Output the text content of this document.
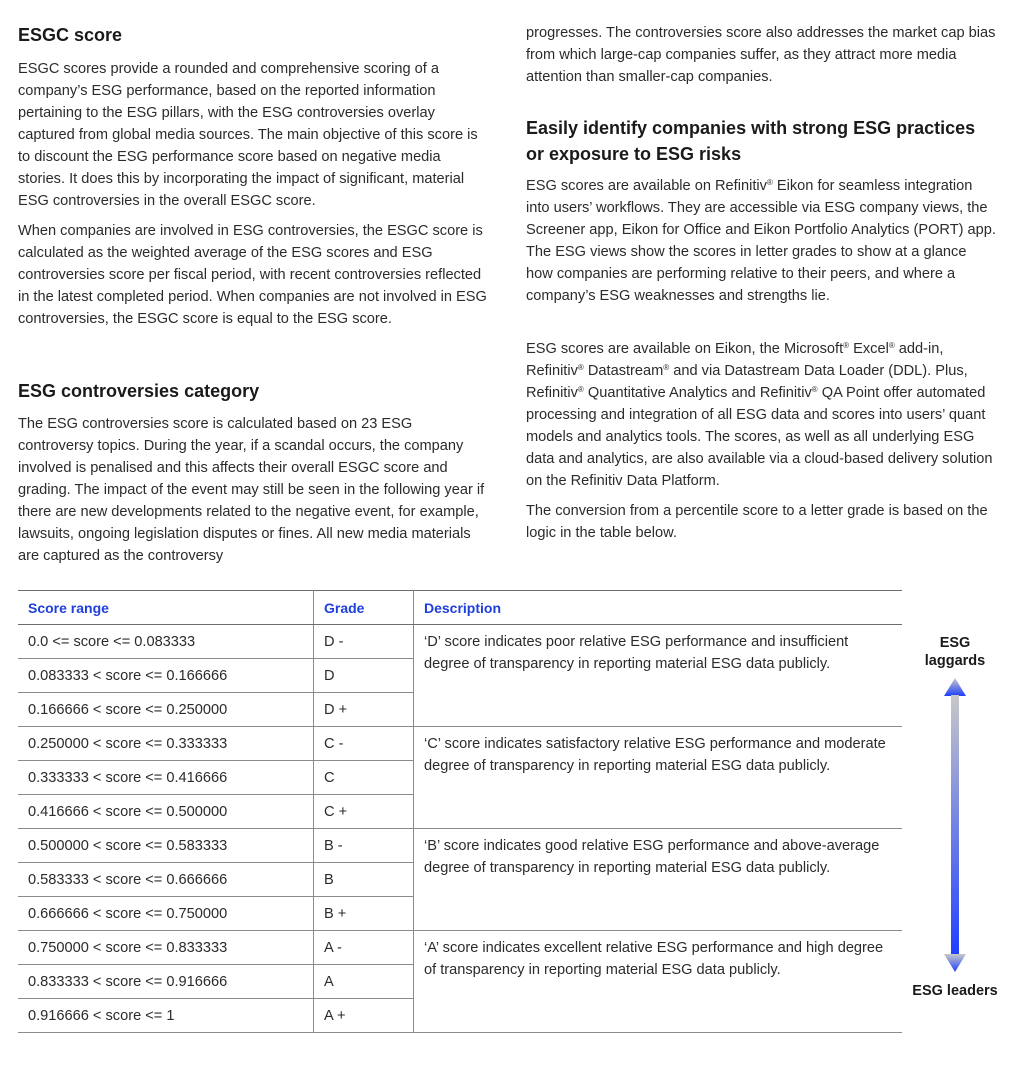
ESGC score

ESGC scores provide a rounded and comprehensive scoring of a company’s ESG performance, based on the reported information pertaining to the ESG pillars, with the ESG controversies overlay captured from global media sources. The main objective of this score is to discount the ESG performance score based on negative media stories. It does this by incorporating the impact of significant, material ESG controversies in the overall ESGC score.

When companies are involved in ESG controversies, the ESGC score is calculated as the weighted average of the ESG scores and ESG controversies score per fiscal period, with recent controversies reflected in the latest completed period. When companies are not involved in ESG controversies, the ESGC score is equal to the ESG score.

ESG controversies category

The ESG controversies score is calculated based on 23 ESG controversy topics. During the year, if a scandal occurs, the company involved is penalised and this affects their overall ESGC score and grading. The impact of the event may still be seen in the following year if there are new developments related to the negative event, for example, lawsuits, ongoing legislation disputes or fines. All new media materials are captured as the controversy

progresses. The controversies score also addresses the market cap bias from which large-cap companies suffer, as they attract more media attention than smaller-cap companies.

Easily identify companies with strong ESG practices or exposure to ESG risks

ESG scores are available on Refinitiv® Eikon for seamless integration into users’ workflows. They are accessible via ESG company views, the Screener app, Eikon for Office and Eikon Portfolio Analytics (PORT) app. The ESG views show the scores in letter grades to show at a glance how companies are performing relative to their peers, and where a company’s ESG weaknesses and strengths lie.

ESG scores are available on Eikon, the Microsoft® Excel® add-in, Refinitiv® Datastream® and via Datastream Data Loader (DDL). Plus, Refinitiv® Quantitative Analytics and Refinitiv® QA Point offer automated processing and integration of all ESG data and scores into users’ quant models and analytics tools. The scores, as well as all underlying ESG data and analytics, are also available via a cloud-based delivery solution on the Refinitiv Data Platform.

The conversion from a percentile score to a letter grade is based on the logic in the table below.

Score range	Grade	Description
0.0 <= score <= 0.083333	D -	‘D’ score indicates poor relative ESG performance and insufficient degree of transparency in reporting material ESG data publicly.
0.083333 < score <= 0.166666	D	
0.166666 < score <= 0.250000	D +	
0.250000 < score <= 0.333333	C -	‘C’ score indicates satisfactory relative ESG performance and moderate degree of transparency in reporting material ESG data publicly.
0.333333 < score <= 0.416666	C	
0.416666 < score <= 0.500000	C +	
0.500000 < score <= 0.583333	B -	‘B’ score indicates good relative ESG performance and above-average degree of transparency in reporting material ESG data publicly.
0.583333 < score <= 0.666666	B	
0.666666 < score <= 0.750000	B +	
0.750000 < score <= 0.833333	A -	‘A’ score indicates excellent relative ESG performance and high degree of transparency in reporting material ESG data publicly.
0.833333 < score <= 0.916666	A	
0.916666 < score <= 1	A +	
ESG laggards
ESG leaders
